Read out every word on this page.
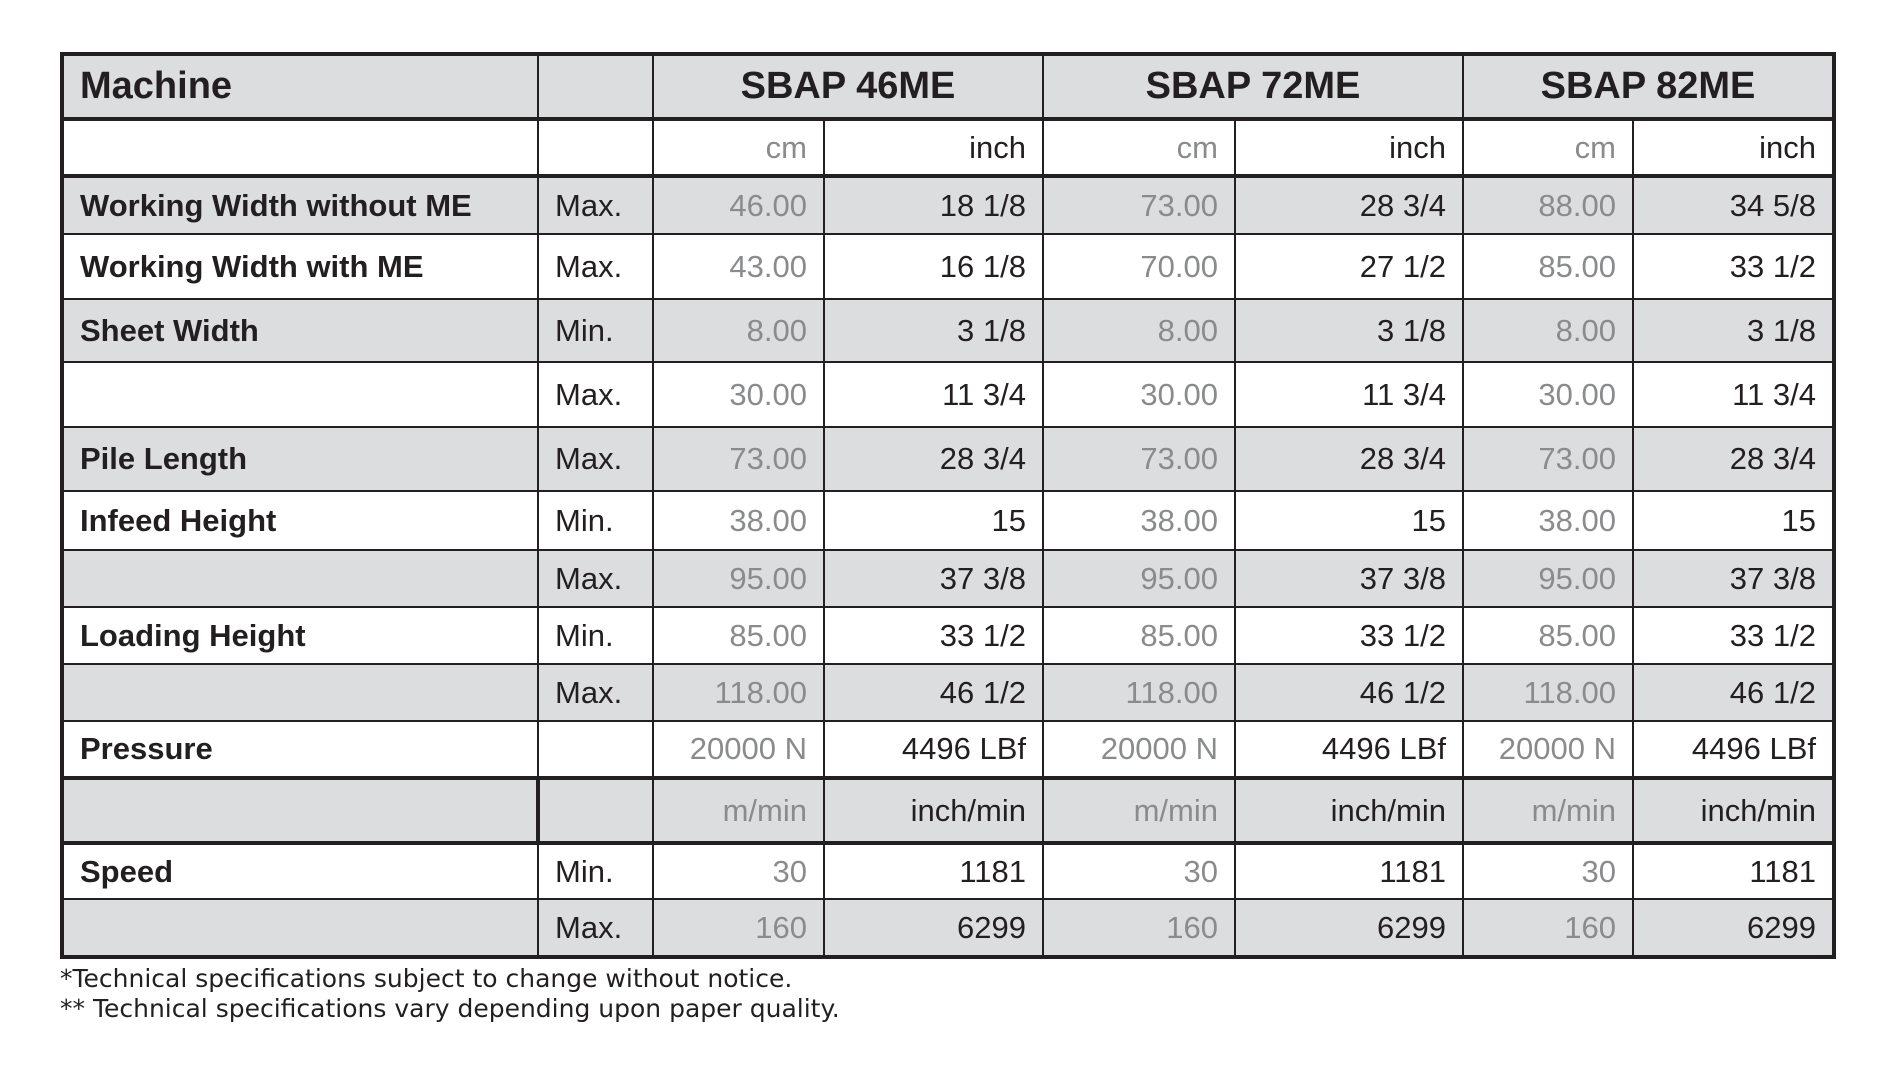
Machine		SBAP 46ME		SBAP 72ME		SBAP 82ME	
		cm	inch	cm	inch	cm	inch
Working Width without ME	Max.	46.00	18 1/8	73.00	28 3/4	88.00	34 5/8
Working Width with ME	Max.	43.00	16 1/8	70.00	27 1/2	85.00	33 1/2
Sheet Width	Min.	8.00	3 1/8	8.00	3 1/8	8.00	3 1/8
	Max.	30.00	11 3/4	30.00	11 3/4	30.00	11 3/4
Pile Length	Max.	73.00	28 3/4	73.00	28 3/4	73.00	28 3/4
Infeed Height	Min.	38.00	15	38.00	15	38.00	15
	Max.	95.00	37 3/8	95.00	37 3/8	95.00	37 3/8
Loading Height	Min.	85.00	33 1/2	85.00	33 1/2	85.00	33 1/2
	Max.	118.00	46 1/2	118.00	46 1/2	118.00	46 1/2
Pressure		20000 N	4496 LBf	20000 N	4496 LBf	20000 N	4496 LBf
		m/min	inch/min	m/min	inch/min	m/min	inch/min
Speed	Min.	30	1181	30	1181	30	1181
	Max.	160	6299	160	6299	160	6299
*Technical specifications subject to change without notice.
** Technical specifications vary depending upon paper quality.
